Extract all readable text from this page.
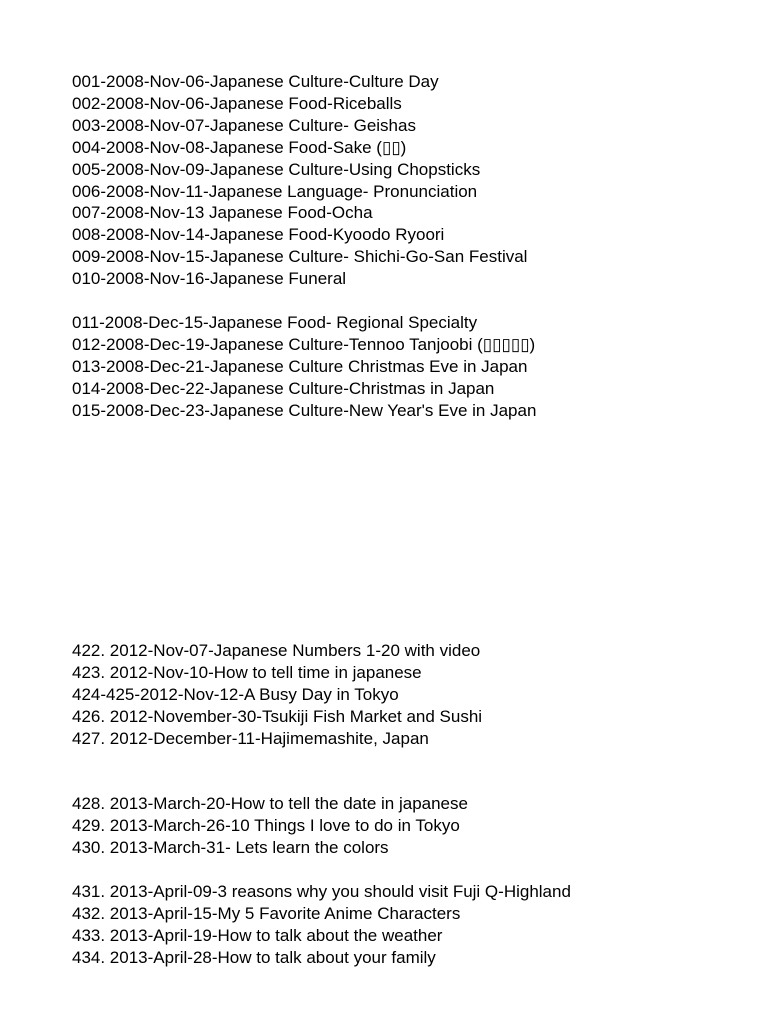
001-2008-Nov-06-Japanese Culture-Culture Day
002-2008-Nov-06-Japanese Food-Riceballs
003-2008-Nov-07-Japanese Culture- Geishas
004-2008-Nov-08-Japanese Food-Sake (▯▯)
005-2008-Nov-09-Japanese Culture-Using Chopsticks
006-2008-Nov-11-Japanese Language- Pronunciation
007-2008-Nov-13 Japanese Food-Ocha
008-2008-Nov-14-Japanese Food-Kyoodo Ryoori
009-2008-Nov-15-Japanese Culture- Shichi-Go-San Festival
010-2008-Nov-16-Japanese Funeral
011-2008-Dec-15-Japanese Food- Regional Specialty
012-2008-Dec-19-Japanese Culture-Tennoo Tanjoobi (▯▯▯▯▯)
013-2008-Dec-21-Japanese Culture Christmas Eve in Japan
014-2008-Dec-22-Japanese Culture-Christmas in Japan
015-2008-Dec-23-Japanese Culture-New Year's Eve in Japan
422. 2012-Nov-07-Japanese Numbers 1-20 with video
423. 2012-Nov-10-How to tell time in japanese
424-425-2012-Nov-12-A Busy Day in Tokyo
426. 2012-November-30-Tsukiji Fish Market and Sushi
427. 2012-December-11-Hajimemashite, Japan
428. 2013-March-20-How to tell the date in japanese
429. 2013-March-26-10 Things I love to do in Tokyo
430. 2013-March-31- Lets learn the colors
431. 2013-April-09-3 reasons why you should visit Fuji Q-Highland
432. 2013-April-15-My 5 Favorite Anime Characters
433. 2013-April-19-How to talk about the weather
434. 2013-April-28-How to talk about your family
